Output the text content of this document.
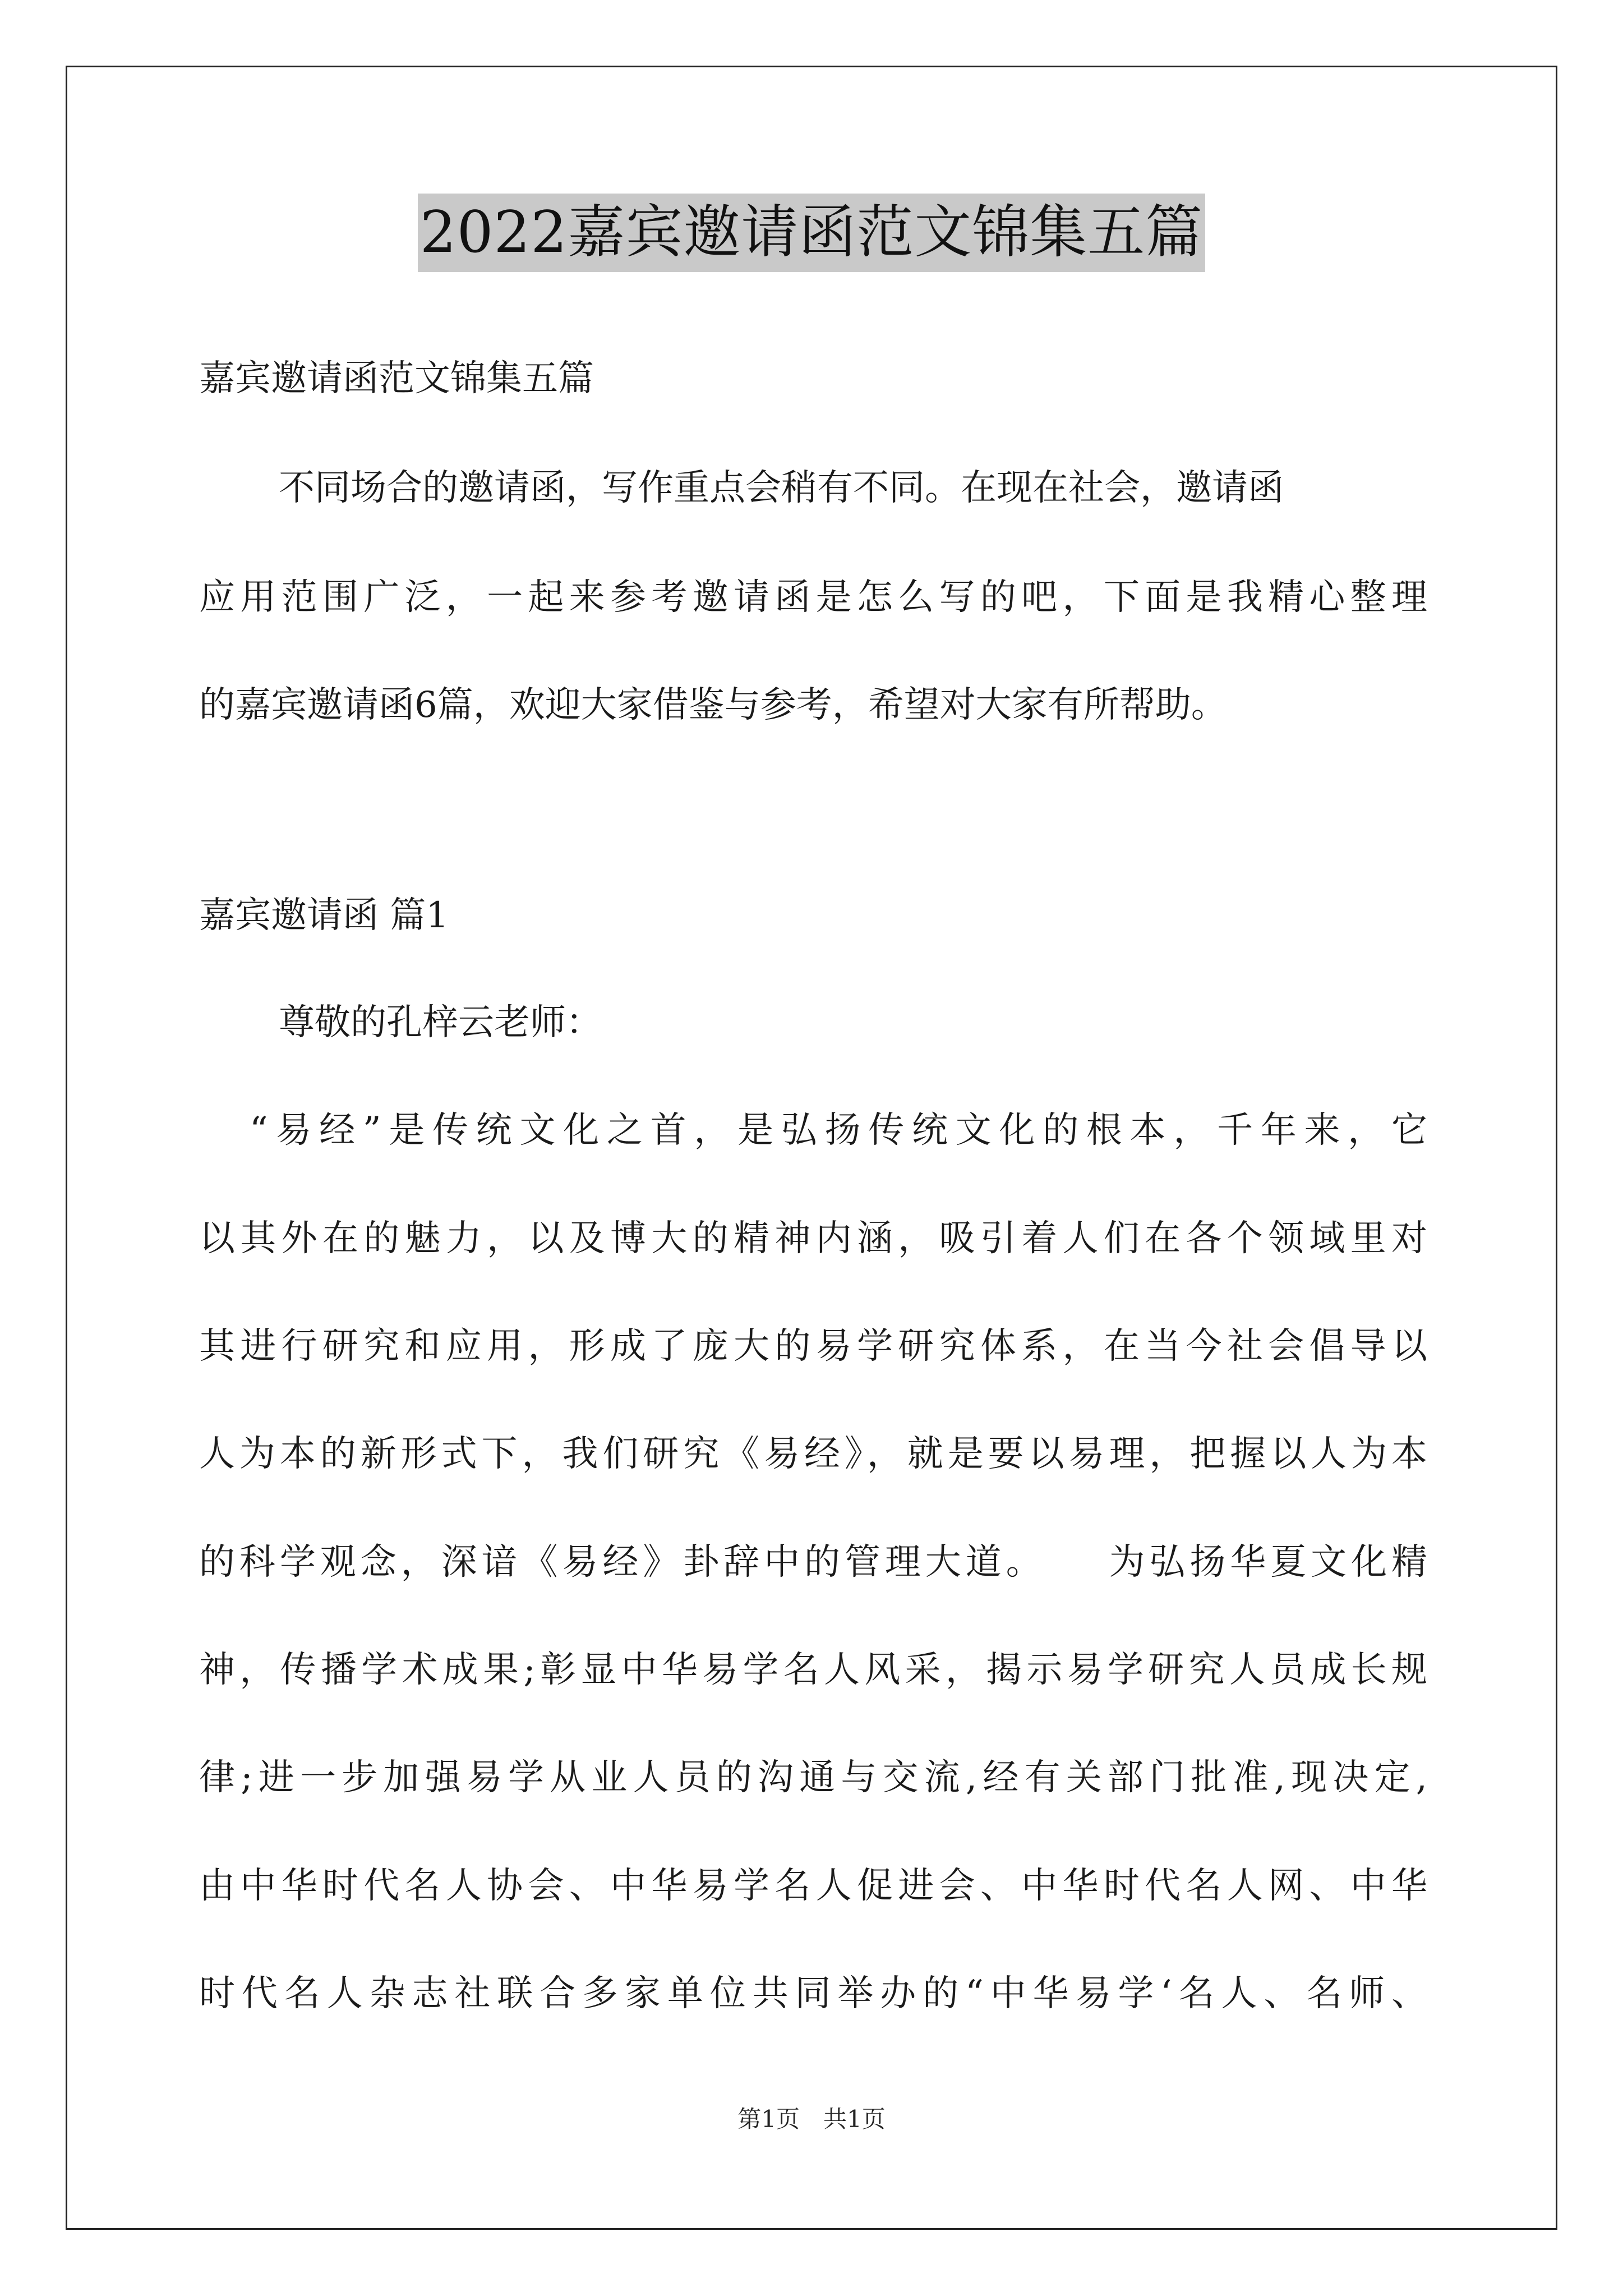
2022嘉宾邀请函范文锦集五篇
嘉宾邀请函范文锦集五篇
不同场合的邀请函，写作重点会稍有不同。在现在社会，邀请函
应用范围广泛，一起来参考邀请函是怎么写的吧，下面是我精心整理
的嘉宾邀请函6篇，欢迎大家借鉴与参考，希望对大家有所帮助。
嘉宾邀请函 篇1
尊敬的孔梓云老师：
“易经”是传统文化之首，是弘扬传统文化的根本，千年来，它
以其外在的魅力，以及博大的精神内涵，吸引着人们在各个领域里对
其进行研究和应用，形成了庞大的易学研究体系，在当今社会倡导以
人为本的新形式下，我们研究《易经》，就是要以易理，把握以人为本
的科学观念，深谙《易经》卦辞中的管理大道。　　为弘扬华夏文化精
神，传播学术成果;彰显中华易学名人风采，揭示易学研究人员成长规
律;进一步加强易学从业人员的沟通与交流,经有关部门批准,现决定,
由中华时代名人协会、中华易学名人促进会、中华时代名人网、中华
时代名人杂志社联合多家单位共同举办的“中华易学‘名人、名师、
第1页　共1页
